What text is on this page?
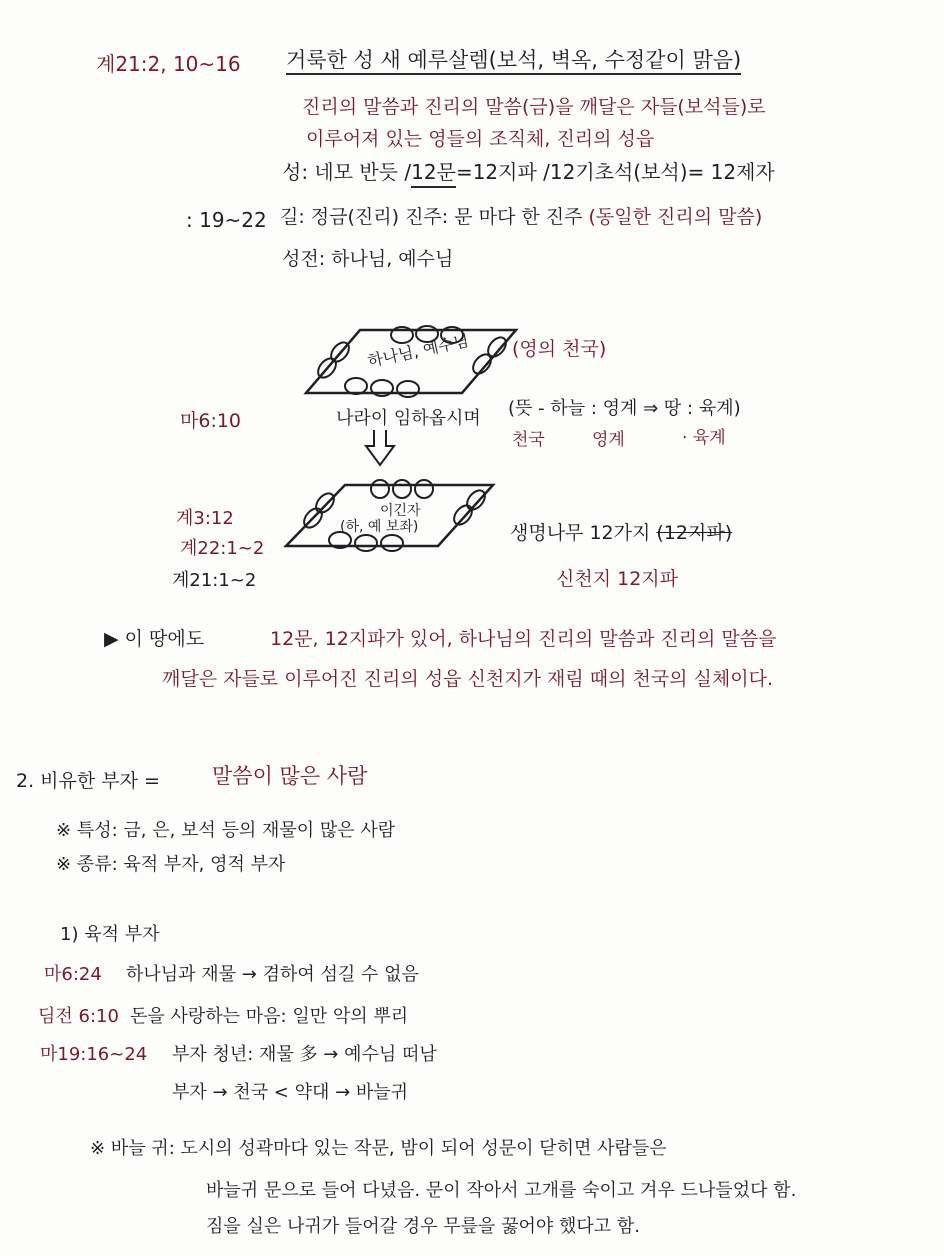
계21:2, 10~16 거룩한 성 새 예루살렘(보석, 벽옥, 수정같이 맑음)
진리의 말씀과 진리의 말씀(금)을 깨달은 자들(보석들)로
이루어져 있는 영들의 조직체, 진리의 성읍
성: 네모 반듯 /12문=12지파 /12기초석(보석)= 12제자
: 19~22 길: 정금(진리) 진주: 문 마다 한 진주 (동일한 진리의 말씀)
성전: 하나님, 예수님
하나님, 예수님 (영의 천국)
마6:10	나라이 임하옵시며 (뜻 - 하늘 : 영계 ⇒ 땅 : 육계)
천국	영계	· 육계
이긴자
(하, 예 보좌)
계3:12
계22:1~2
계21:1~2
생명나무 12가지 (12지파)
신천지 12지파
▶ 이 땅에도	12문, 12지파가 있어, 하나님의 진리의 말씀과 진리의 말씀을
깨달은 자들로 이루어진 진리의 성읍 신천지가 재림 때의 천국의 실체이다.
2. 비유한 부자 = 말씀이 많은 사람
※ 특성: 금, 은, 보석 등의 재물이 많은 사람
※ 종류: 육적 부자, 영적 부자
1) 육적 부자
마6:24 하나님과 재물 → 겸하여 섬길 수 없음
딤전 6:10 돈을 사랑하는 마음: 일만 악의 뿌리
마19:16~24 부자 청년: 재물 多 → 예수님 떠남
부자 → 천국 < 약대 → 바늘귀
※ 바늘 귀: 도시의 성곽마다 있는 작문, 밤이 되어 성문이 닫히면 사람들은
바늘귀 문으로 들어 다녔음. 문이 작아서 고개를 숙이고 겨우 드나들었다 함.
짐을 실은 나귀가 들어갈 경우 무릎을 꿇어야 했다고 함.
